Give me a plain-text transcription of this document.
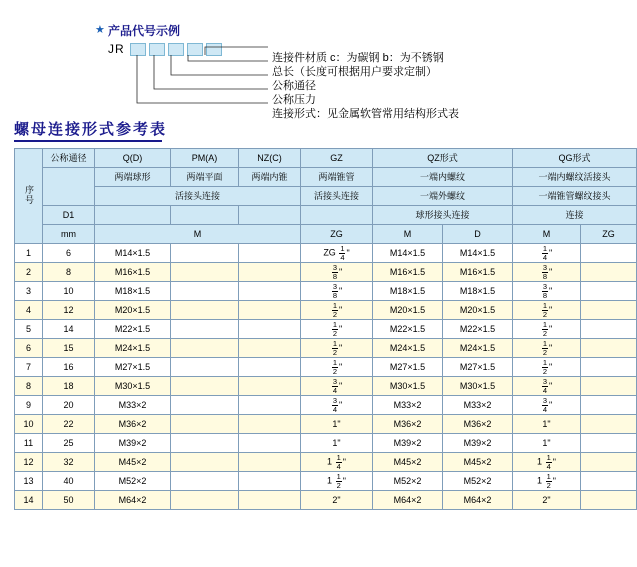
★ 产品代号示例
JR
连接件材质 c：为碳钢 b：为不锈钢
总长（长度可根据用户要求定制）
公称通径
公称压力
连接形式：见金属软管常用结构形式表
螺母连接形式参考表
序号	公称通径	Q(D)	PM(A)	NZ(C)	GZ	QZ形式		QG形式	
		两端球形	两端平面	两端内锥	两端锥管	一端内螺纹		一端内螺纹活接头	
		活接头连接			活接头连接	一端外螺纹		一端锥管螺纹接头	
	D1					球形接头连接		连接	
	mm	M			ZG	M	D	M	ZG
1	6	M14×1.5			ZG $\frac{1}{4}$ "	M14×1.5	M14×1.5	$\frac{1}{4}$ "	
2	8	M16×1.5			$\frac{3}{8}$ "	M16×1.5	M16×1.5	$\frac{3}{8}$ "	
3	10	M18×1.5			$\frac{3}{8}$ "	M18×1.5	M18×1.5	$\frac{3}{8}$ "	
4	12	M20×1.5			$\frac{1}{2}$ "	M20×1.5	M20×1.5	$\frac{1}{2}$ "	
5	14	M22×1.5			$\frac{1}{2}$ "	M22×1.5	M22×1.5	$\frac{1}{2}$ "	
6	15	M24×1.5			$\frac{1}{2}$ "	M24×1.5	M24×1.5	$\frac{1}{2}$ "	
7	16	M27×1.5			$\frac{1}{2}$ "	M27×1.5	M27×1.5	$\frac{1}{2}$ "	
8	18	M30×1.5			$\frac{3}{4}$ "	M30×1.5	M30×1.5	$\frac{3}{4}$ "	
9	20	M33×2			$\frac{3}{4}$ "	M33×2	M33×2	$\frac{3}{4}$ "	
10	22	M36×2			1"	M36×2	M36×2	1"	
11	25	M39×2			1"	M39×2	M39×2	1"	
12	32	M45×2			$1 \frac{1}{4}$ "	M45×2	M45×2	$1 \frac{1}{4}$ "	
13	40	M52×2			$1 \frac{1}{2}$ "	M52×2	M52×2	$1 \frac{1}{2}$ "	
14	50	M64×2			2"	M64×2	M64×2	2"	
